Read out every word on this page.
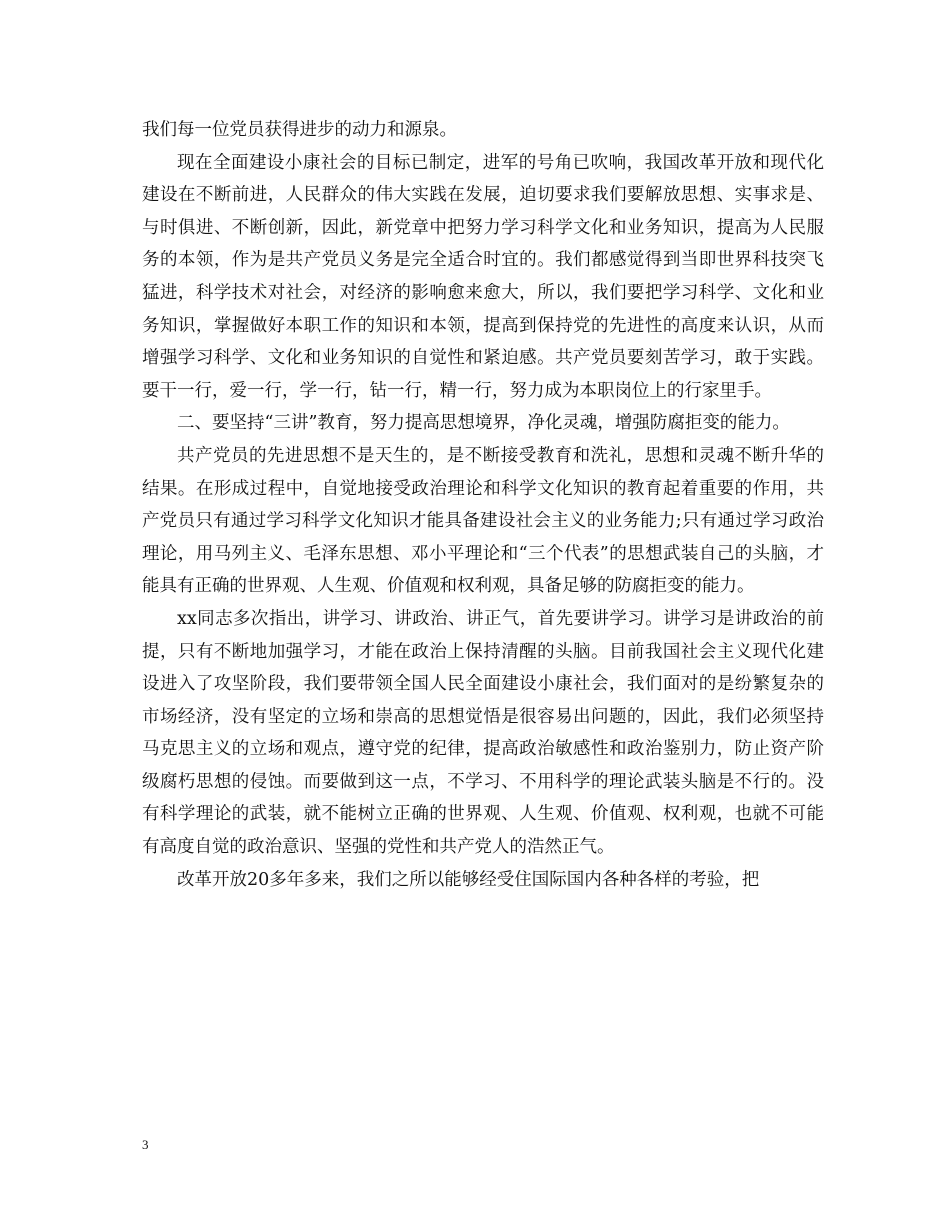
我们每一位党员获得进步的动力和源泉。

现在全面建设小康社会的目标已制定，进军的号角已吹响，我国改革开放和现代化建设在不断前进，人民群众的伟大实践在发展，迫切要求我们要解放思想、实事求是、与时俱进、不断创新，因此，新党章中把努力学习科学文化和业务知识，提高为人民服务的本领，作为是共产党员义务是完全适合时宜的。我们都感觉得到当即世界科技突飞猛进，科学技术对社会，对经济的影响愈来愈大，所以，我们要把学习科学、文化和业务知识，掌握做好本职工作的知识和本领，提高到保持党的先进性的高度来认识，从而增强学习科学、文化和业务知识的自觉性和紧迫感。共产党员要刻苦学习，敢于实践。要干一行，爱一行，学一行，钻一行，精一行，努力成为本职岗位上的行家里手。

二、要坚持“三讲”教育，努力提高思想境界，净化灵魂，增强防腐拒变的能力。

共产党员的先进思想不是天生的，是不断接受教育和洗礼，思想和灵魂不断升华的结果。在形成过程中，自觉地接受政治理论和科学文化知识的教育起着重要的作用，共产党员只有通过学习科学文化知识才能具备建设社会主义的业务能力;只有通过学习政治理论，用马列主义、毛泽东思想、邓小平理论和“三个代表”的思想武装自己的头脑，才能具有正确的世界观、人生观、价值观和权利观，具备足够的防腐拒变的能力。

xx同志多次指出，讲学习、讲政治、讲正气，首先要讲学习。讲学习是讲政治的前提，只有不断地加强学习，才能在政治上保持清醒的头脑。目前我国社会主义现代化建设进入了攻坚阶段，我们要带领全国人民全面建设小康社会，我们面对的是纷繁复杂的市场经济，没有坚定的立场和崇高的思想觉悟是很容易出问题的，因此，我们必须坚持马克思主义的立场和观点，遵守党的纪律，提高政治敏感性和政治鉴别力，防止资产阶级腐朽思想的侵蚀。而要做到这一点，不学习、不用科学的理论武装头脑是不行的。没有科学理论的武装，就不能树立正确的世界观、人生观、价值观、权利观，也就不可能有高度自觉的政治意识、坚强的党性和共产党人的浩然正气。

改革开放20多年多来，我们之所以能够经受住国际国内各种各样的考验，把

3
